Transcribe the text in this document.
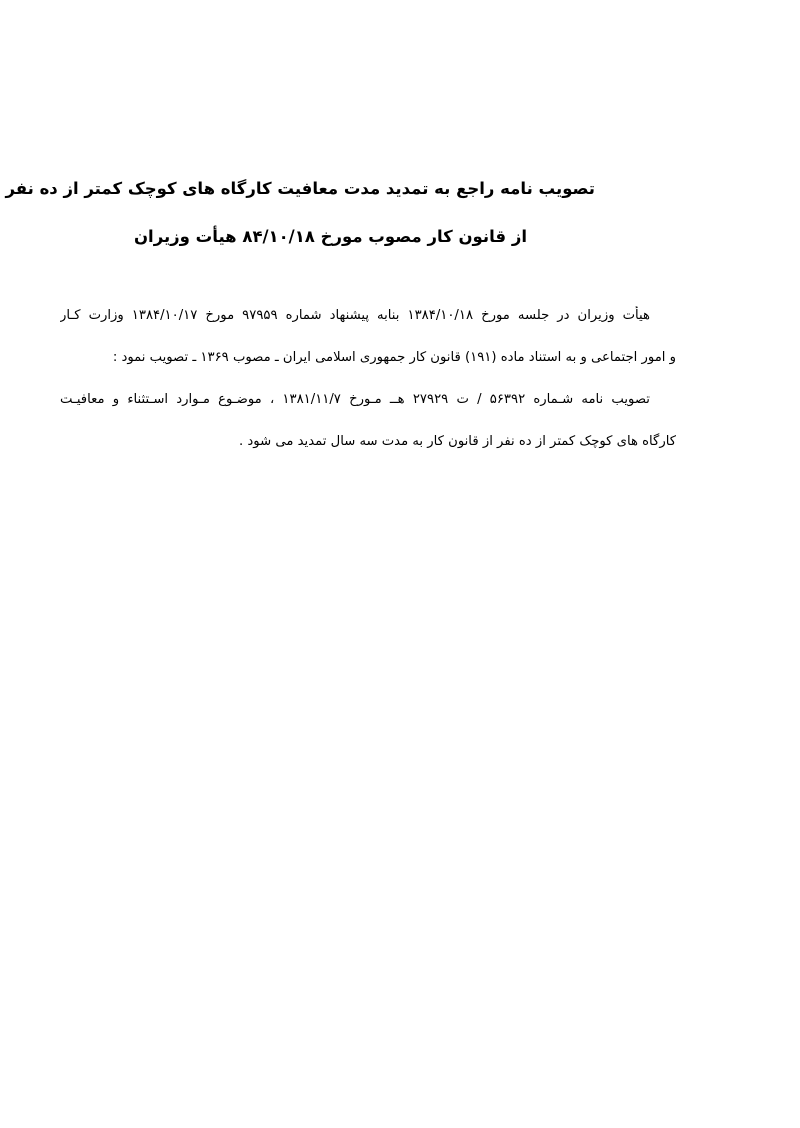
تصویب نامه راجع به تمدید مدت معافیت کارگاه های کوچک کمتر از ده نفر

از قانون کار مصوب مورخ ۸۴/۱۰/۱۸ هیأت وزیران

هیأت وزیران در جلسه مورخ ۱۳۸۴/۱۰/۱۸ بنابه پیشنهاد شماره ۹۷۹۵۹ مورخ ۱۳۸۴/۱۰/۱۷ وزارت کـار

و امور اجتماعی و به استناد ماده (۱۹۱) قانون کار جمهوری اسلامی ایران ـ مصوب ۱۳۶۹ ـ تصویب نمود :

تصویب نامه شـماره ۵۶۳۹۲ / ت ۲۷۹۲۹ هــ مـورخ ۱۳۸۱/۱۱/۷ ، موضـوع مـوارد اسـتثناء و معافیـت

کارگاه های کوچک کمتر از ده نفر از قانون کار به مدت سه سال تمدید می شود .
